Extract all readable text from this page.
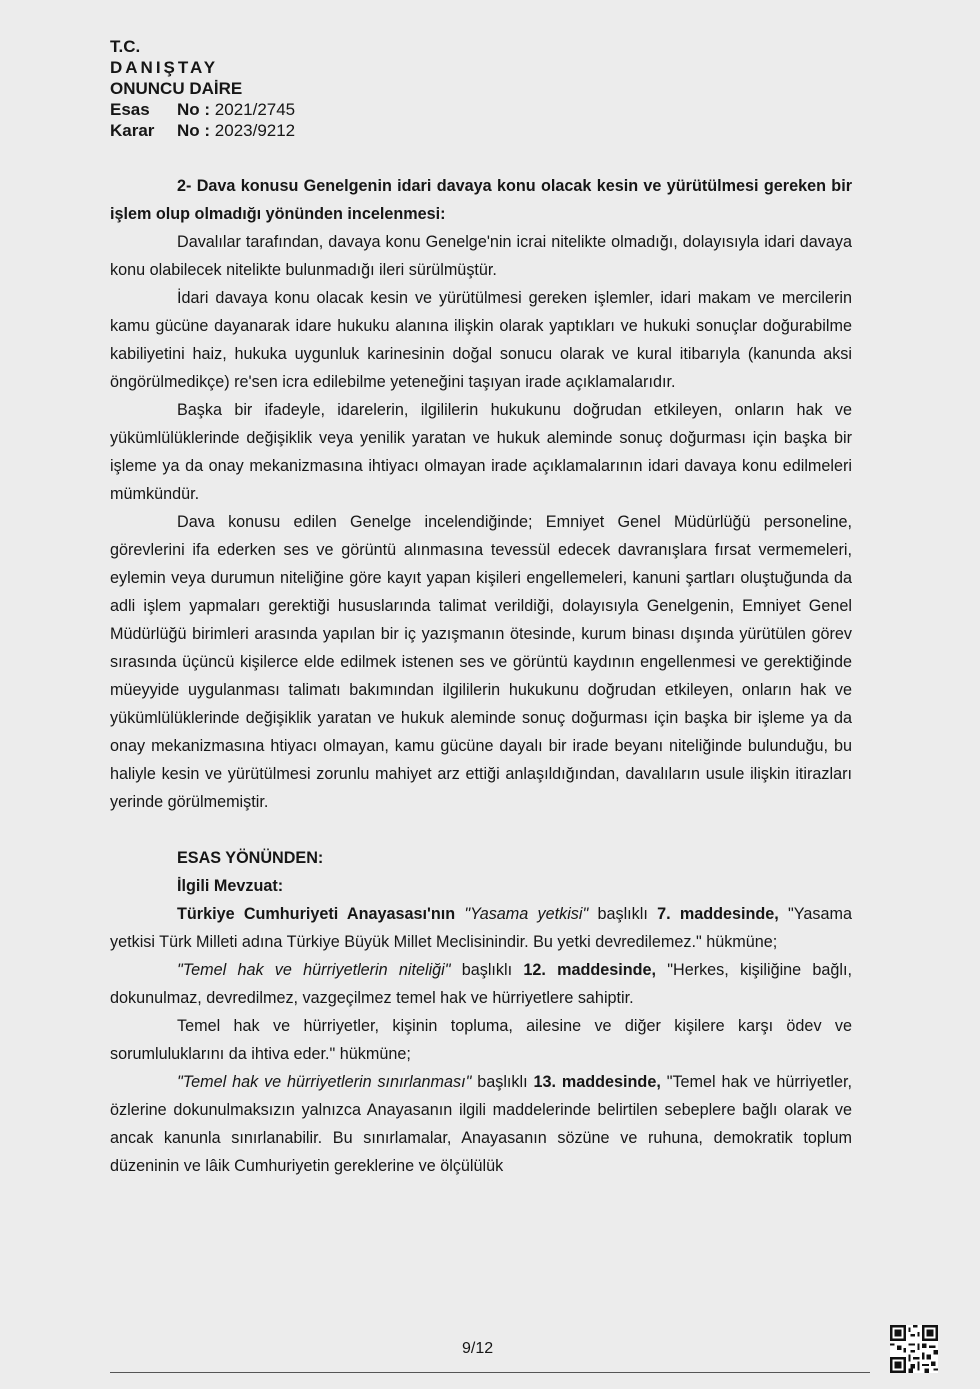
T.C.
DANIŞTAY
ONUNCU DAİRE
Esas No : 2021/2745
Karar No : 2023/9212

2- Dava konusu Genelgenin idari davaya konu olacak kesin ve yürütülmesi gereken bir işlem olup olmadığı yönünden incelenmesi:

Davalılar tarafından, davaya konu Genelge'nin icrai nitelikte olmadığı, dolayısıyla idari davaya konu olabilecek nitelikte bulunmadığı ileri sürülmüştür.

İdari davaya konu olacak kesin ve yürütülmesi gereken işlemler, idari makam ve mercilerin kamu gücüne dayanarak idare hukuku alanına ilişkin olarak yaptıkları ve hukuki sonuçlar doğurabilme kabiliyetini haiz, hukuka uygunluk karinesinin doğal sonucu olarak ve kural itibarıyla (kanunda aksi öngörülmedikçe) re'sen icra edilebilme yeteneğini taşıyan irade açıklamalarıdır.

Başka bir ifadeyle, idarelerin, ilgililerin hukukunu doğrudan etkileyen, onların hak ve yükümlülüklerinde değişiklik veya yenilik yaratan ve hukuk aleminde sonuç doğurması için başka bir işleme ya da onay mekanizmasına ihtiyacı olmayan irade açıklamalarının idari davaya konu edilmeleri mümkündür.

Dava konusu edilen Genelge incelendiğinde; Emniyet Genel Müdürlüğü personeline, görevlerini ifa ederken ses ve görüntü alınmasına tevessül edecek davranışlara fırsat vermemeleri, eylemin veya durumun niteliğine göre kayıt yapan kişileri engellemeleri, kanuni şartları oluştuğunda da adli işlem yapmaları gerektiği hususlarında talimat verildiği, dolayısıyla Genelgenin, Emniyet Genel Müdürlüğü birimleri arasında yapılan bir iç yazışmanın ötesinde, kurum binası dışında yürütülen görev sırasında üçüncü kişilerce elde edilmek istenen ses ve görüntü kaydının engellenmesi ve gerektiğinde müeyyide uygulanması talimatı bakımından ilgililerin hukukunu doğrudan etkileyen, onların hak ve yükümlülüklerinde değişiklik yaratan ve hukuk aleminde sonuç doğurması için başka bir işleme ya da onay mekanizmasına htiyacı olmayan, kamu gücüne dayalı bir irade beyanı niteliğinde bulunduğu, bu haliyle kesin ve yürütülmesi zorunlu mahiyet arz ettiği anlaşıldığından, davalıların usule ilişkin itirazları yerinde görülmemiştir.

ESAS YÖNÜNDEN:

İlgili Mevzuat:

Türkiye Cumhuriyeti Anayasası'nın "Yasama yetkisi" başlıklı 7. maddesinde, "Yasama yetkisi Türk Milleti adına Türkiye Büyük Millet Meclisinindir. Bu yetki devredilemez." hükmüne;

"Temel hak ve hürriyetlerin niteliği" başlıklı 12. maddesinde, "Herkes, kişiliğine bağlı, dokunulmaz, devredilmez, vazgeçilmez temel hak ve hürriyetlere sahiptir.

Temel hak ve hürriyetler, kişinin topluma, ailesine ve diğer kişilere karşı ödev ve sorumluluklarını da ihtiva eder." hükmüne;

"Temel hak ve hürriyetlerin sınırlanması" başlıklı 13. maddesinde, "Temel hak ve hürriyetler, özlerine dokunulmaksızın yalnızca Anayasanın ilgili maddelerinde belirtilen sebeplere bağlı olarak ve ancak kanunla sınırlanabilir. Bu sınırlamalar, Anayasanın sözüne ve ruhuna, demokratik toplum düzeninin ve lâik Cumhuriyetin gereklerine ve ölçülülük

9/12
